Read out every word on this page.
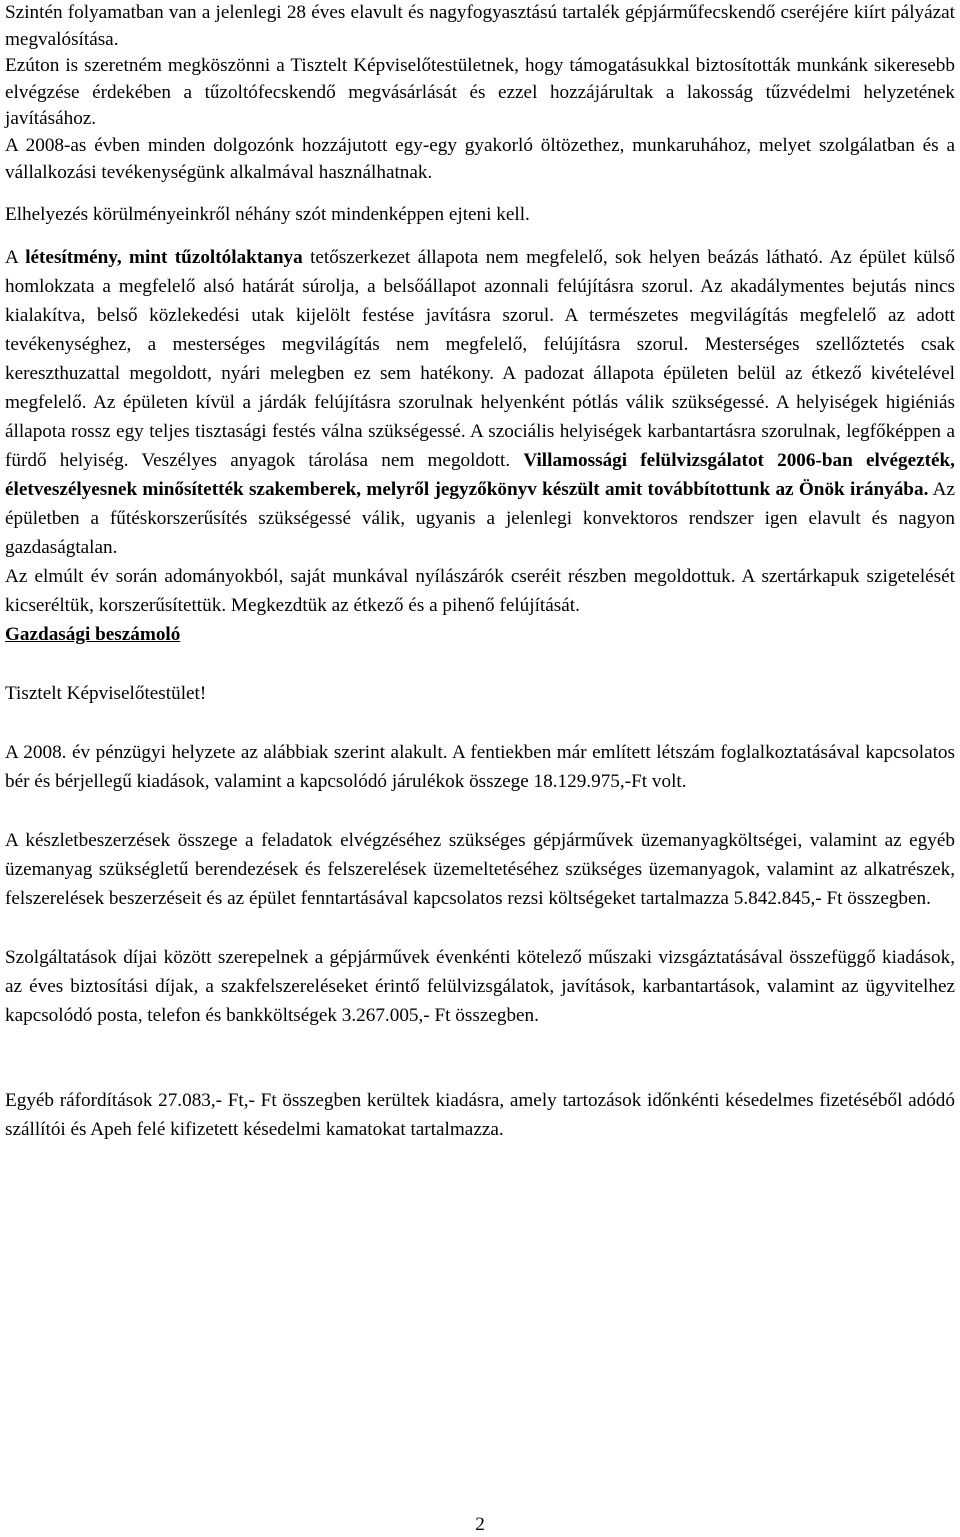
Szintén folyamatban van a jelenlegi 28 éves elavult és nagyfogyasztású tartalék gépjárműfecskendő cseréjére kiírt pályázat megvalósítása.

Ezúton is szeretném megköszönni a Tisztelt Képviselőtestületnek, hogy támogatásukkal biztosították munkánk sikeresebb elvégzése érdekében a tűzoltófecskendő megvásárlását és ezzel hozzájárultak a lakosság tűzvédelmi helyzetének javításához.

A 2008-as évben minden dolgozónk hozzájutott egy-egy gyakorló öltözethez, munkaruhához, melyet szolgálatban és a vállalkozási tevékenységünk alkalmával használhatnak.

Elhelyezés körülményeinkről néhány szót mindenképpen ejteni kell.

A létesítmény, mint tűzoltólaktanya tetőszerkezet állapota nem megfelelő, sok helyen beázás látható. Az épület külső homlokzata a megfelelő alsó határát súrolja, a belsőállapot azonnali felújításra szorul. Az akadálymentes bejutás nincs kialakítva, belső közlekedési utak kijelölt festése javításra szorul. A természetes megvilágítás megfelelő az adott tevékenységhez, a mesterséges megvilágítás nem megfelelő, felújításra szorul. Mesterséges szellőztetés csak kereszthuzattal megoldott, nyári melegben ez sem hatékony. A padozat állapota épületen belül az étkező kivételével megfelelő. Az épületen kívül a járdák felújításra szorulnak helyenként pótlás válik szükségessé. A helyiségek higiéniás állapota rossz egy teljes tisztasági festés válna szükségessé. A szociális helyiségek karbantartásra szorulnak, legfőképpen a fürdő helyiség. Veszélyes anyagok tárolása nem megoldott. Villamossági felülvizsgálatot 2006-ban elvégezték, életveszélyesnek minősítették szakemberek, melyről jegyzőkönyv készült amit továbbítottunk az Önök irányába. Az épületben a fűtéskorszerűsítés szükségessé válik, ugyanis a jelenlegi konvektoros rendszer igen elavult és nagyon gazdaságtalan.

Az elmúlt év során adományokból, saját munkával nyílászárók cseréit részben megoldottuk. A szertárkapuk szigetelését kicseréltük, korszerűsítettük. Megkezdtük az étkező és a pihenő felújítását.

Gazdasági beszámoló

Tisztelt Képviselőtestület!

A 2008. év pénzügyi helyzete az alábbiak szerint alakult. A fentiekben már említett létszám foglalkoztatásával kapcsolatos bér és bérjellegű kiadások, valamint a kapcsolódó járulékok összege 18.129.975,-Ft volt.

A készletbeszerzések összege a feladatok elvégzéséhez szükséges gépjárművek üzemanyagköltségei, valamint az egyéb üzemanyag szükségletű berendezések és felszerelések üzemeltetéséhez szükséges üzemanyagok, valamint az alkatrészek, felszerelések beszerzéseit és az épület fenntartásával kapcsolatos rezsi költségeket tartalmazza 5.842.845,- Ft összegben.

Szolgáltatások díjai között szerepelnek a gépjárművek évenkénti kötelező műszaki vizsgáztatásával összefüggő kiadások, az éves biztosítási díjak, a szakfelszereléseket érintő felülvizsgálatok, javítások, karbantartások, valamint az ügyvitelhez kapcsolódó posta, telefon és bankköltségek 3.267.005,- Ft összegben.

Egyéb ráfordítások 27.083,- Ft,- Ft összegben kerültek kiadásra, amely tartozások időnkénti késedelmes fizetéséből adódó szállítói és Apeh felé kifizetett késedelmi kamatokat tartalmazza.

2
